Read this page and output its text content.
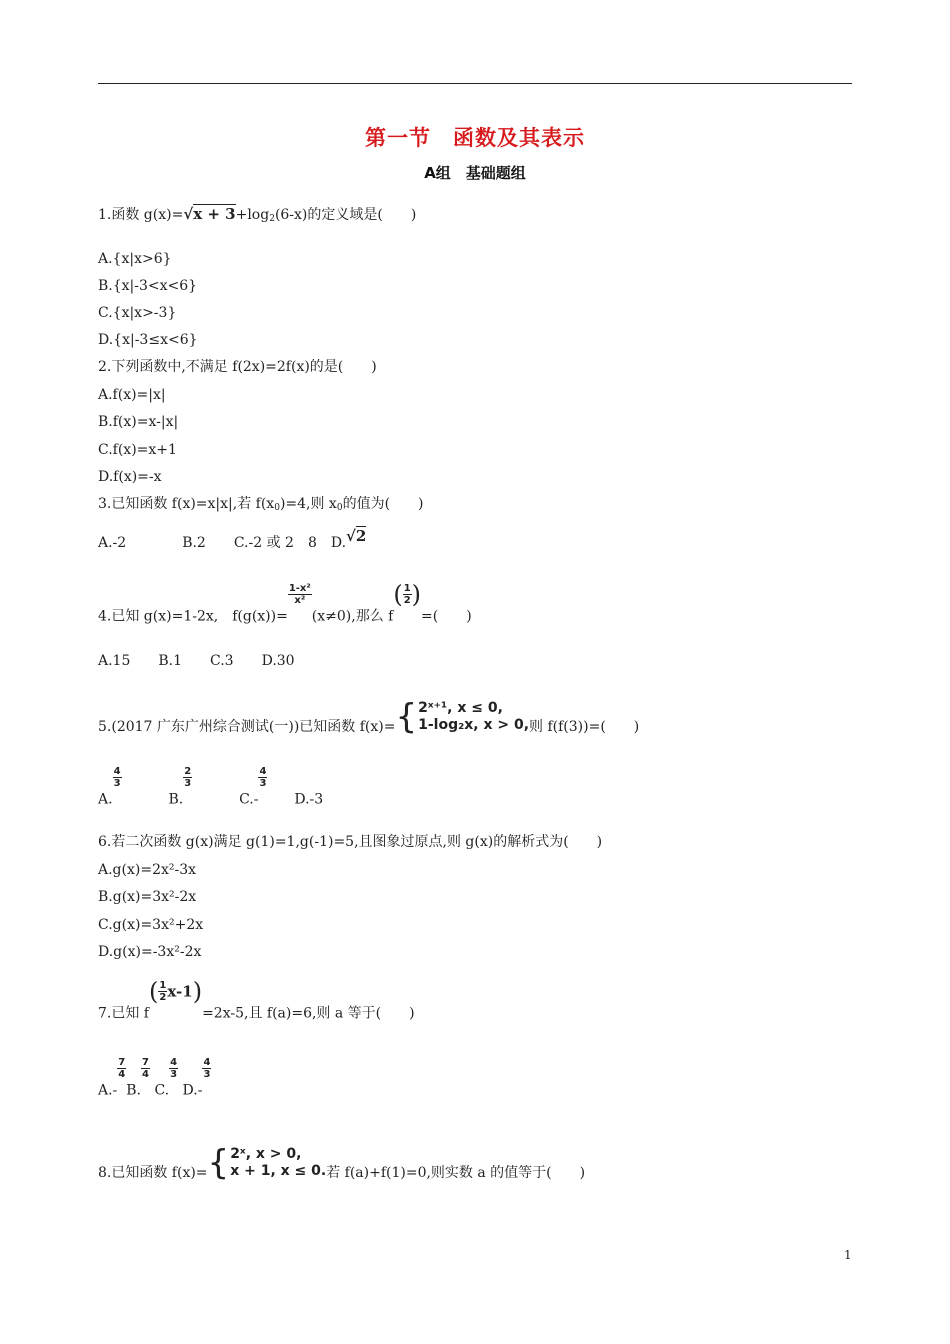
第一节　函数及其表示
A组　基础题组
1.函数 $g(x)=√x + 3+\log_2(6-x)$的定义域是(　　)
A.{x|x>6}
B.{x|-3<x<6}
C.{x|x>-3}
D.{x|-3≤x<6}
2.下列函数中,不满足 f(2x)=2f(x)的是(　　)
A.f(x)=|x|
B.f(x)=x-|x|
C.f(x)=x+1
D.f(x)=-x
3.已知函数 f(x)=x|x|,若 $f(x_0)=4$,则 $x_0$的值为(　　)
A.-2　　　　B.2　　C.-2 或 2　8　D.√2
4.已知 g(x)=1-2x,　f(g(x))=
$\frac{\text{1-x²}}{\text{x²}}$
(x≠0),那么 $f( \frac{1}{2}$ )=(　　)
A.15　　B.1　　C.3　　D.30
5.(2017 广东广州综合测试(一))已知函数 f(x)= { 2ˣ⁺¹, x ≤ 0,
1-log₂x, x > 0, 则 f(f(3))=(　　)
A.
$\frac{4}{3}$
B.
$\frac{2}{3}$
C.-
$\frac{4}{3}$
D.-3
6.若二次函数 g(x)满足 g(1)=1,g(-1)=5,且图象过原点,则 g(x)的解析式为(　　)
A.g(x)=2x²-3x
B.g(x)=3x²-2x
C.g(x)=3x²+2x
D.g(x)=-3x²-2x
7.已知 $f( \frac{1}{2} x-1)=2x-5$,且 f(a)=6,则 a 等于(　　)
A.-
$\frac{7}{4}$
B.
$\frac{7}{4}$
C.
$\frac{4}{3}$
D.-
$\frac{4}{3}$
8.已知函数 f(x)= { 2ˣ, x > 0,
x + 1, x ≤ 0. 若 f(a)+f(1)=0,则实数 a 的值等于(　　)
1
